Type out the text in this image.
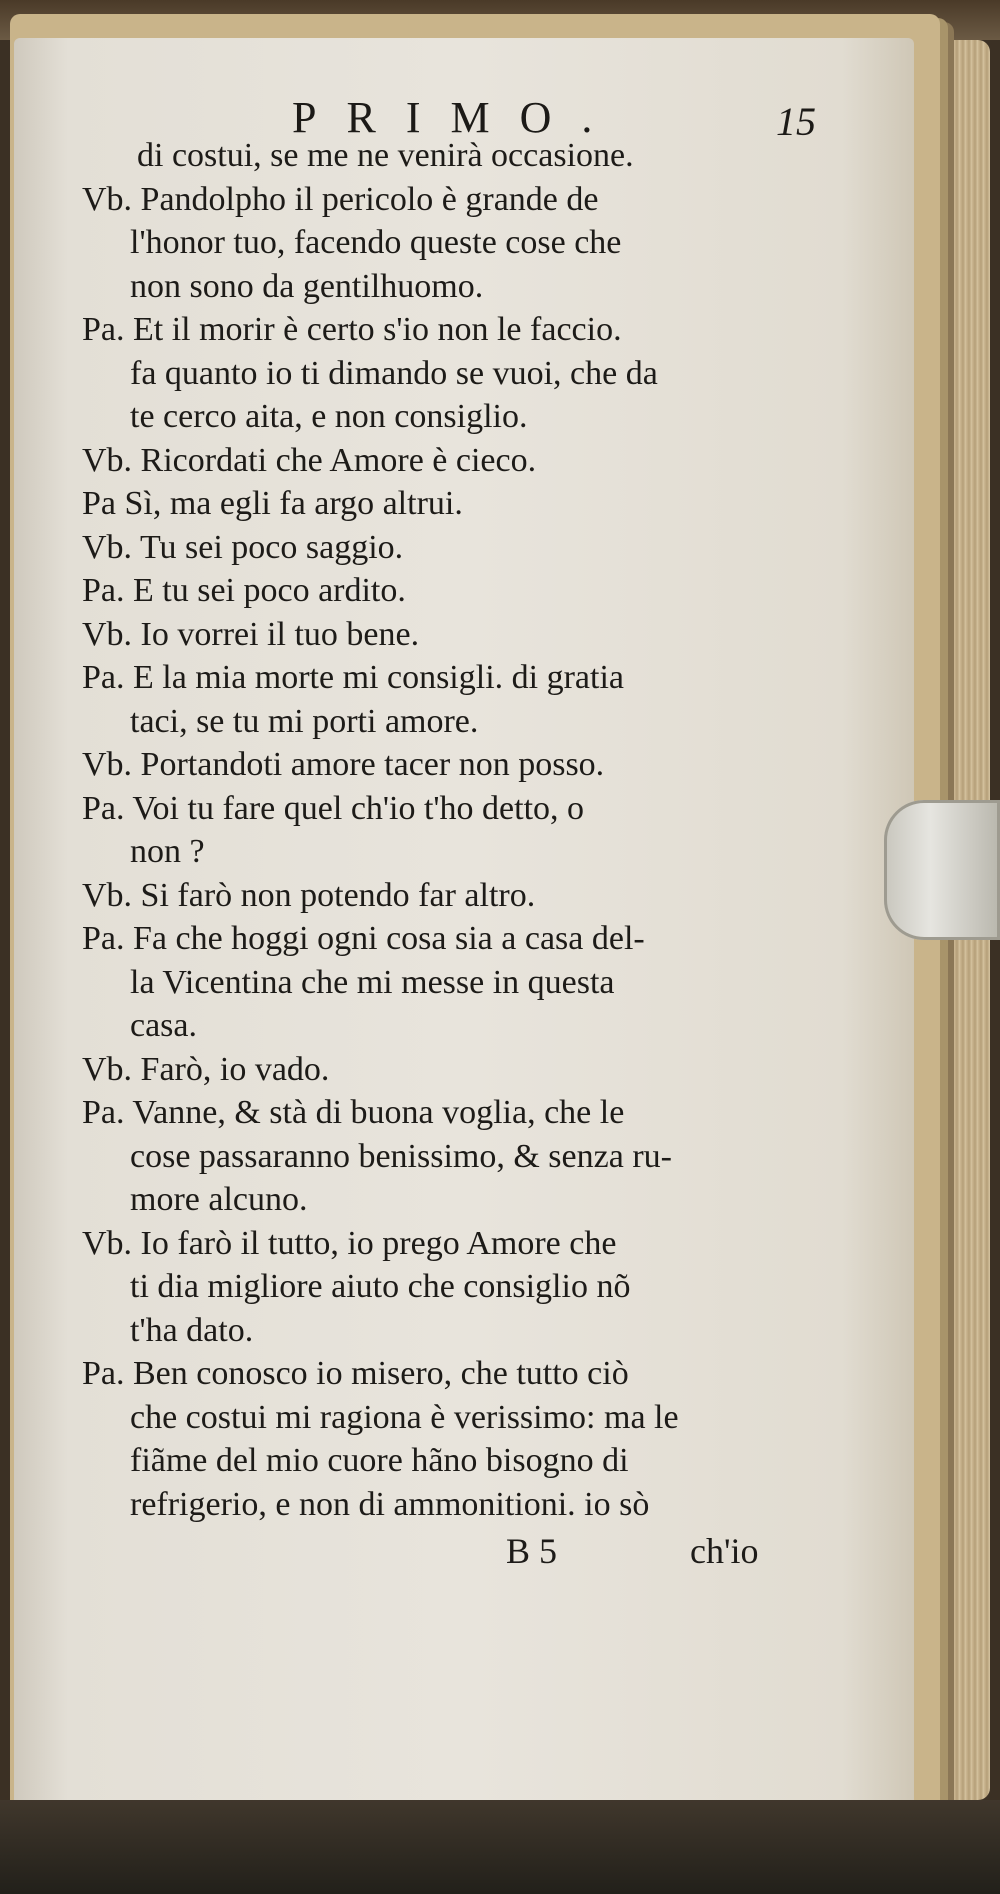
PRIMO.	15
di costui, se me ne venirà occasione.
Vb. Pandolpho il pericolo è grande de
l'honor tuo, facendo queste cose che
non sono da gentilhuomo.
Pa. Et il morir è certo s'io non le faccio.
fa quanto io ti dimando se vuoi, che da
te cerco aita, e non consiglio.
Vb. Ricordati che Amore è cieco.
Pa Sì, ma egli fa argo altrui.
Vb. Tu sei poco saggio.
Pa. E tu sei poco ardito.
Vb. Io vorrei il tuo bene.
Pa. E la mia morte mi consigli. di gratia
taci, se tu mi porti amore.
Vb. Portandoti amore tacer non posso.
Pa. Voi tu fare quel ch'io t'ho detto, o
non ?
Vb. Si farò non potendo far altro.
Pa. Fa che hoggi ogni cosa sia a casa del-
la Vicentina che mi messe in questa
casa.
Vb. Farò, io vado.
Pa. Vanne, & stà di buona voglia, che le
cose passaranno benissimo, & senza ru-
more alcuno.
Vb. Io farò il tutto, io prego Amore che
ti dia migliore aiuto che consiglio nõ
t'ha dato.
Pa. Ben conosco io misero, che tutto ciò
che costui mi ragiona è verissimo: ma le
fiãme del mio cuore hãno bisogno di
refrigerio, e non di ammonitioni. io sò
B 5	ch'io
